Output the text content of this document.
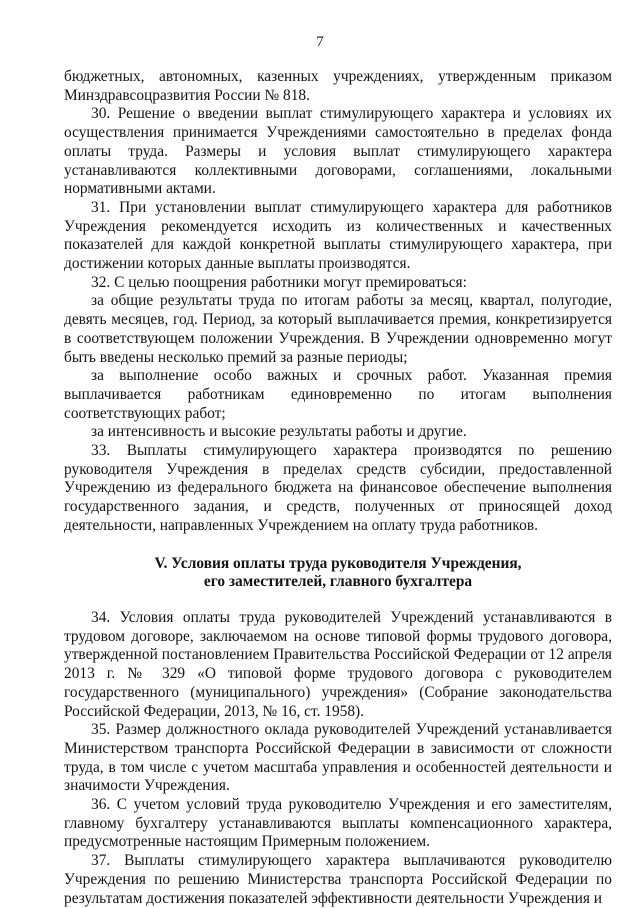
7

бюджетных, автономных, казенных учреждениях, утвержденным приказом Минздравсоцразвития России № 818.

30. Решение о введении выплат стимулирующего характера и условиях их осуществления принимается Учреждениями самостоятельно в пределах фонда оплаты труда. Размеры и условия выплат стимулирующего характера устанавливаются коллективными договорами, соглашениями, локальными нормативными актами.

31. При установлении выплат стимулирующего характера для работников Учреждения рекомендуется исходить из количественных и качественных показателей для каждой конкретной выплаты стимулирующего характера, при достижении которых данные выплаты производятся.

32. С целью поощрения работники могут премироваться:

за общие результаты труда по итогам работы за месяц, квартал, полугодие, девять месяцев, год. Период, за который выплачивается премия, конкретизируется в соответствующем положении Учреждения. В Учреждении одновременно могут быть введены несколько премий за разные периоды;

за выполнение особо важных и срочных работ. Указанная премия выплачивается работникам единовременно по итогам выполнения соответствующих работ;

за интенсивность и высокие результаты работы и другие.

33. Выплаты стимулирующего характера производятся по решению руководителя Учреждения в пределах средств субсидии, предоставленной Учреждению из федерального бюджета на финансовое обеспечение выполнения государственного задания, и средств, полученных от приносящей доход деятельности, направленных Учреждением на оплату труда работников.

V. Условия оплаты труда руководителя Учреждения,
его заместителей, главного бухгалтера

34. Условия оплаты труда руководителей Учреждений устанавливаются в трудовом договоре, заключаемом на основе типовой формы трудового договора, утвержденной постановлением Правительства Российской Федерации от 12 апреля 2013 г. № 329 «О типовой форме трудового договора с руководителем государственного (муниципального) учреждения» (Собрание законодательства Российской Федерации, 2013, № 16, ст. 1958).

35. Размер должностного оклада руководителей Учреждений устанавливается Министерством транспорта Российской Федерации в зависимости от сложности труда, в том числе с учетом масштаба управления и особенностей деятельности и значимости Учреждения.

36. С учетом условий труда руководителю Учреждения и его заместителям, главному бухгалтеру устанавливаются выплаты компенсационного характера, предусмотренные настоящим Примерным положением.

37. Выплаты стимулирующего характера выплачиваются руководителю Учреждения по решению Министерства транспорта Российской Федерации по результатам достижения показателей эффективности деятельности Учреждения и
